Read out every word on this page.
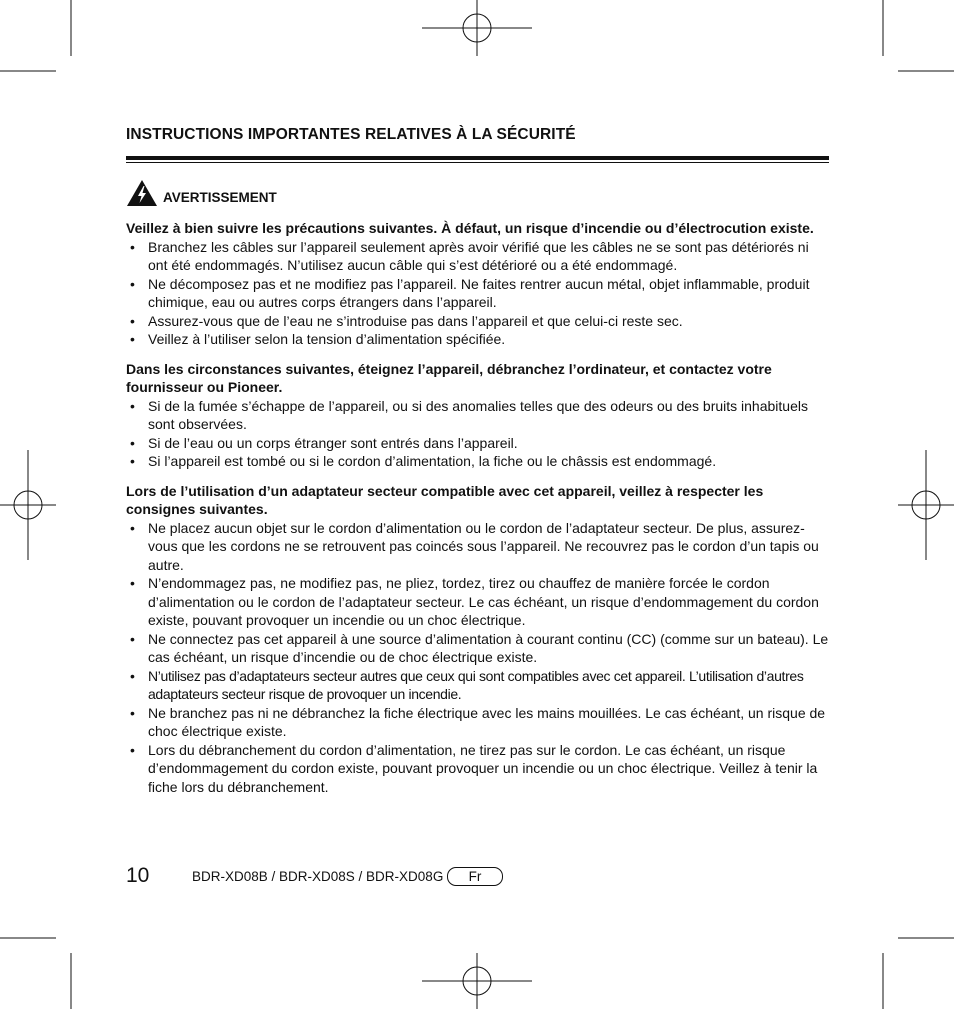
INSTRUCTIONS IMPORTANTES RELATIVES À LA SÉCURITÉ
AVERTISSEMENT

Veillez à bien suivre les précautions suivantes. À défaut, un risque d’incendie ou d’électrocution existe.

• Branchez les câbles sur l’appareil seulement après avoir vérifié que les câbles ne se sont pas détériorés ni ont été endommagés. N’utilisez aucun câble qui s’est détérioré ou a été endommagé.
• Ne décomposez pas et ne modifiez pas l’appareil. Ne faites rentrer aucun métal, objet inflammable, produit chimique, eau ou autres corps étrangers dans l’appareil.
• Assurez-vous que de l’eau ne s’introduise pas dans l’appareil et que celui-ci reste sec.
• Veillez à l’utiliser selon la tension d’alimentation spécifiée.

Dans les circonstances suivantes, éteignez l’appareil, débranchez l’ordinateur, et contactez votre fournisseur ou Pioneer.

• Si de la fumée s’échappe de l’appareil, ou si des anomalies telles que des odeurs ou des bruits inhabituels sont observées.
• Si de l’eau ou un corps étranger sont entrés dans l’appareil.
• Si l’appareil est tombé ou si le cordon d’alimentation, la fiche ou le châssis est endommagé.

Lors de l’utilisation d’un adaptateur secteur compatible avec cet appareil, veillez à respecter les consignes suivantes.

• Ne placez aucun objet sur le cordon d’alimentation ou le cordon de l’adaptateur secteur. De plus, assurez-vous que les cordons ne se retrouvent pas coincés sous l’appareil. Ne recouvrez pas le cordon d’un tapis ou autre.
• N’endommagez pas, ne modifiez pas, ne pliez, tordez, tirez ou chauffez de manière forcée le cordon d’alimentation ou le cordon de l’adaptateur secteur. Le cas échéant, un risque d’endommagement du cordon existe, pouvant provoquer un incendie ou un choc électrique.
• Ne connectez pas cet appareil à une source d’alimentation à courant continu (CC) (comme sur un bateau). Le cas échéant, un risque d’incendie ou de choc électrique existe.
• N’utilisez pas d’adaptateurs secteur autres que ceux qui sont compatibles avec cet appareil. L’utilisation d’autres adaptateurs secteur risque de provoquer un incendie.
• Ne branchez pas ni ne débranchez la fiche électrique avec les mains mouillées. Le cas échéant, un risque de choc électrique existe.
• Lors du débranchement du cordon d’alimentation, ne tirez pas sur le cordon. Le cas échéant, un risque d’endommagement du cordon existe, pouvant provoquer un incendie ou un choc électrique. Veillez à tenir la fiche lors du débranchement.
10	BDR-XD08B / BDR-XD08S / BDR-XD08G	Fr
